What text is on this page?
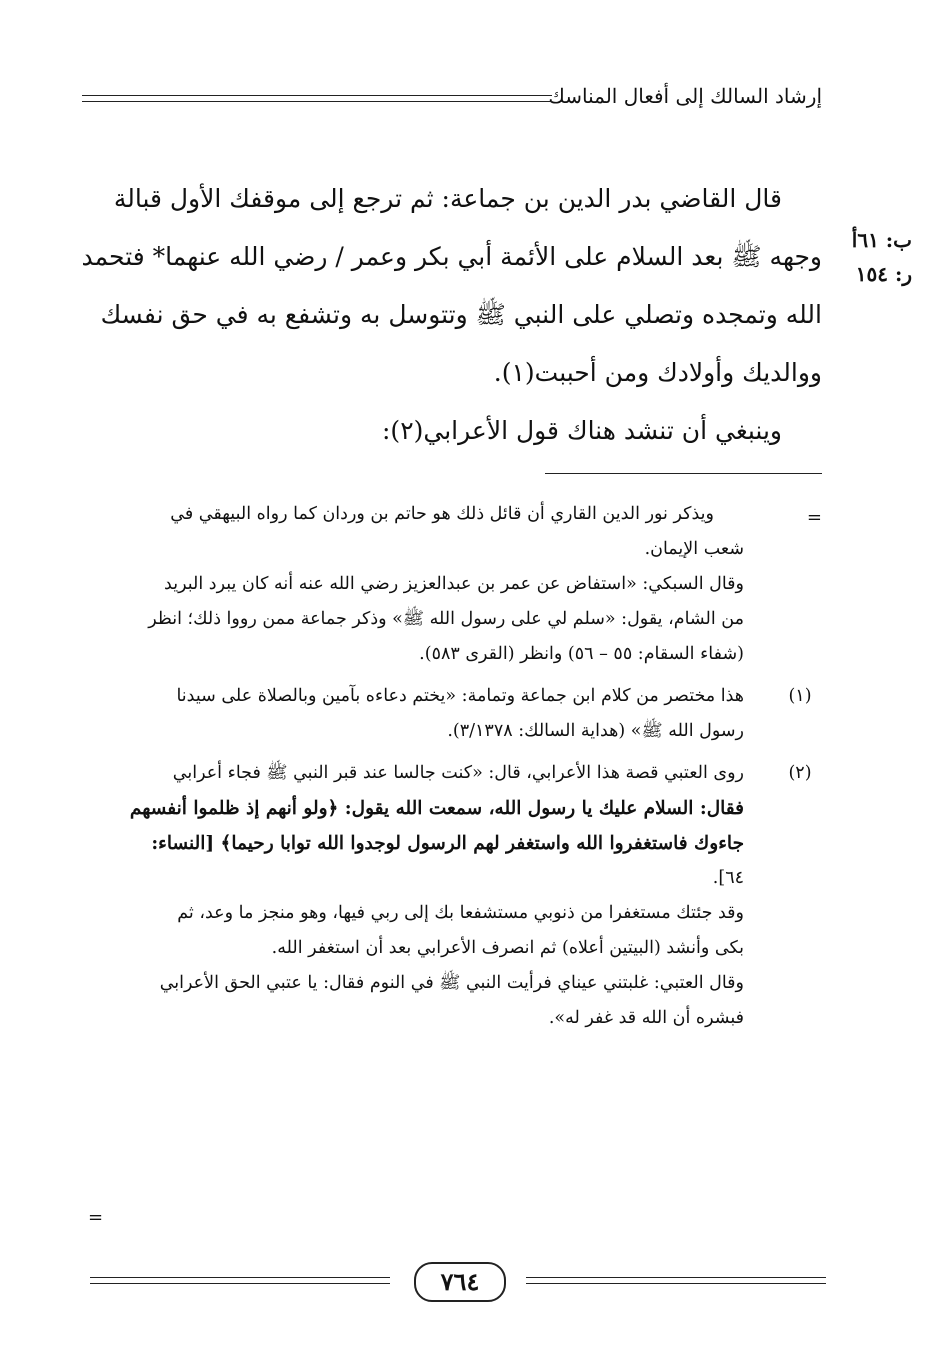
إرشاد السالك إلى أفعال المناسك
ب: ٦١أ
ر: ١٥٤
قال القاضي بدر الدين بن جماعة: ثم ترجع إلى موقفك الأول قبالة
وجهه ﷺ بعد السلام على الأئمة أبي بكر وعمر / رضي الله عنهما* فتحمد
الله وتمجده وتصلي على النبي ﷺ وتتوسل به وتشفع به في حق نفسك
ووالديك وأولادك ومن أحببت(١).
وينبغي أن تنشد هناك قول الأعرابي(٢):
=
ويذكر نور الدين القاري أن قائل ذلك هو حاتم بن وردان كما رواه البيهقي في
شعب الإيمان.
وقال السبكي: «استفاض عن عمر بن عبدالعزيز رضي الله عنه أنه كان يبرد البريد
من الشام، يقول: «سلم لي على رسول الله ﷺ» وذكر جماعة ممن رووا ذلك؛ انظر
(شفاء السقام: ٥٥ – ٥٦) وانظر (القرى ٥٨٣).
(١)
هذا مختصر من كلام ابن جماعة وتمامة: «يختم دعاءه بآمين وبالصلاة على سيدنا
رسول الله ﷺ» (هداية السالك: ٣/١٣٧٨).
(٢)
روى العتبي قصة هذا الأعرابي، قال: «كنت جالسا عند قبر النبي ﷺ فجاء أعرابي
فقال: السلام عليك يا رسول الله، سمعت الله يقول: ﴿ولو أنهم إذ ظلموا أنفسهم
جاءوك فاستغفروا الله واستغفر لهم الرسول لوجدوا الله توابا رحيما﴾ [النساء:
٦٤].
وقد جئتك مستغفرا من ذنوبي مستشفعا بك إلى ربي فيها، وهو منجز ما وعد، ثم
بكى وأنشد (البيتين أعلاه) ثم انصرف الأعرابي بعد أن استغفر الله.
وقال العتبي: غلبتني عيناي فرأيت النبي ﷺ في النوم فقال: يا عتبي الحق الأعرابي
فبشره أن الله قد غفر له».
=
٧٦٤
